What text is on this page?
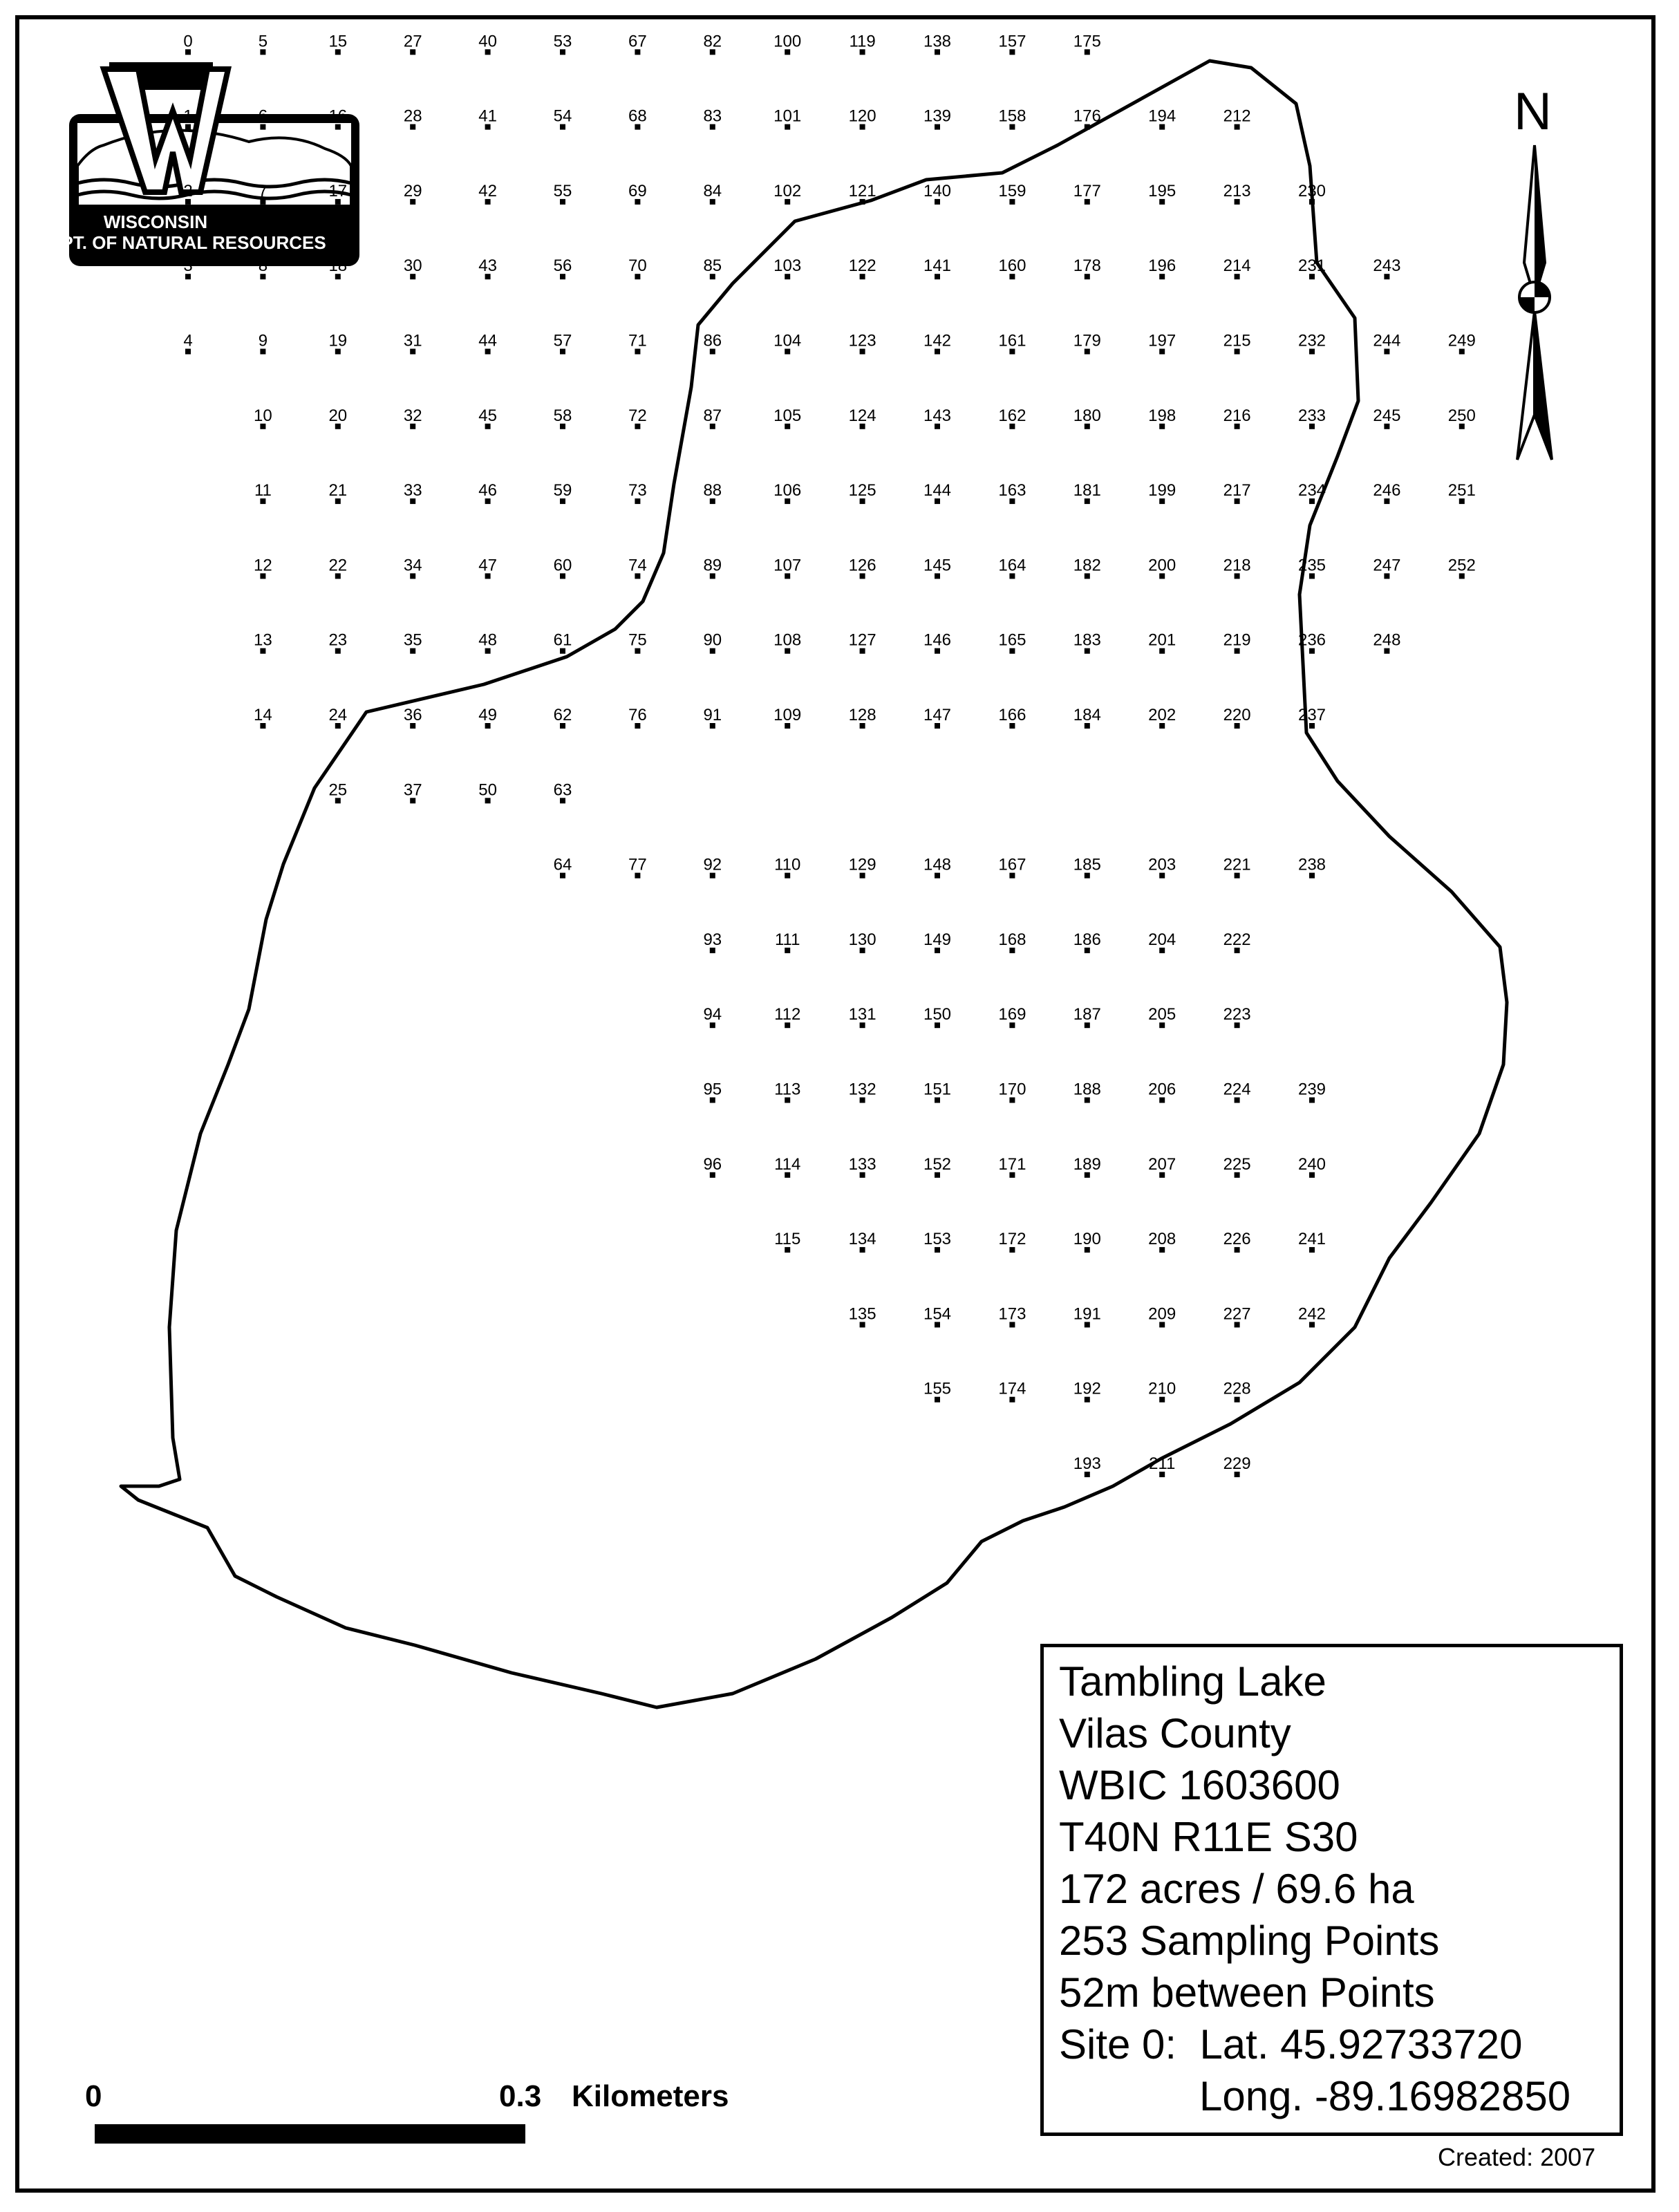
WISCONSIN
DEPT. OF NATURAL RESOURCES
0
1
2
3
4
5
6
7
8
9
10
11
12
13
14
15
16
17
18
19
20
21
22
23
24
25
27
28
29
30
31
32
33
34
35
36
37
40
41
42
43
44
45
46
47
48
49
50
53
54
55
56
57
58
59
60
61
62
63
64
67
68
69
70
71
72
73
74
75
76
77
82
83
84
85
86
87
88
89
90
91
92
93
94
95
96
100
101
102
103
104
105
106
107
108
109
110
111
112
113
114
115
119
120
121
122
123
124
125
126
127
128
129
130
131
132
133
134
135
138
139
140
141
142
143
144
145
146
147
148
149
150
151
152
153
154
155
157
158
159
160
161
162
163
164
165
166
167
168
169
170
171
172
173
174
175
176
177
178
179
180
181
182
183
184
185
186
187
188
189
190
191
192
193
194
195
196
197
198
199
200
201
202
203
204
205
206
207
208
209
210
211
212
213
214
215
216
217
218
219
220
221
222
223
224
225
226
227
228
229
230
231
232
233
234
235
236
237
238
239
240
241
242
243
244
245
246
247
248
249
250
251
252
N
Tambling Lake
Vilas County
WBIC 1603600
T40N R11E S30
172 acres / 69.6 ha
253 Sampling Points
52m between Points
Site 0:  Lat. 45.92733720
Long. -89.16982850
0	0.3 Kilometers
Created: 2007
